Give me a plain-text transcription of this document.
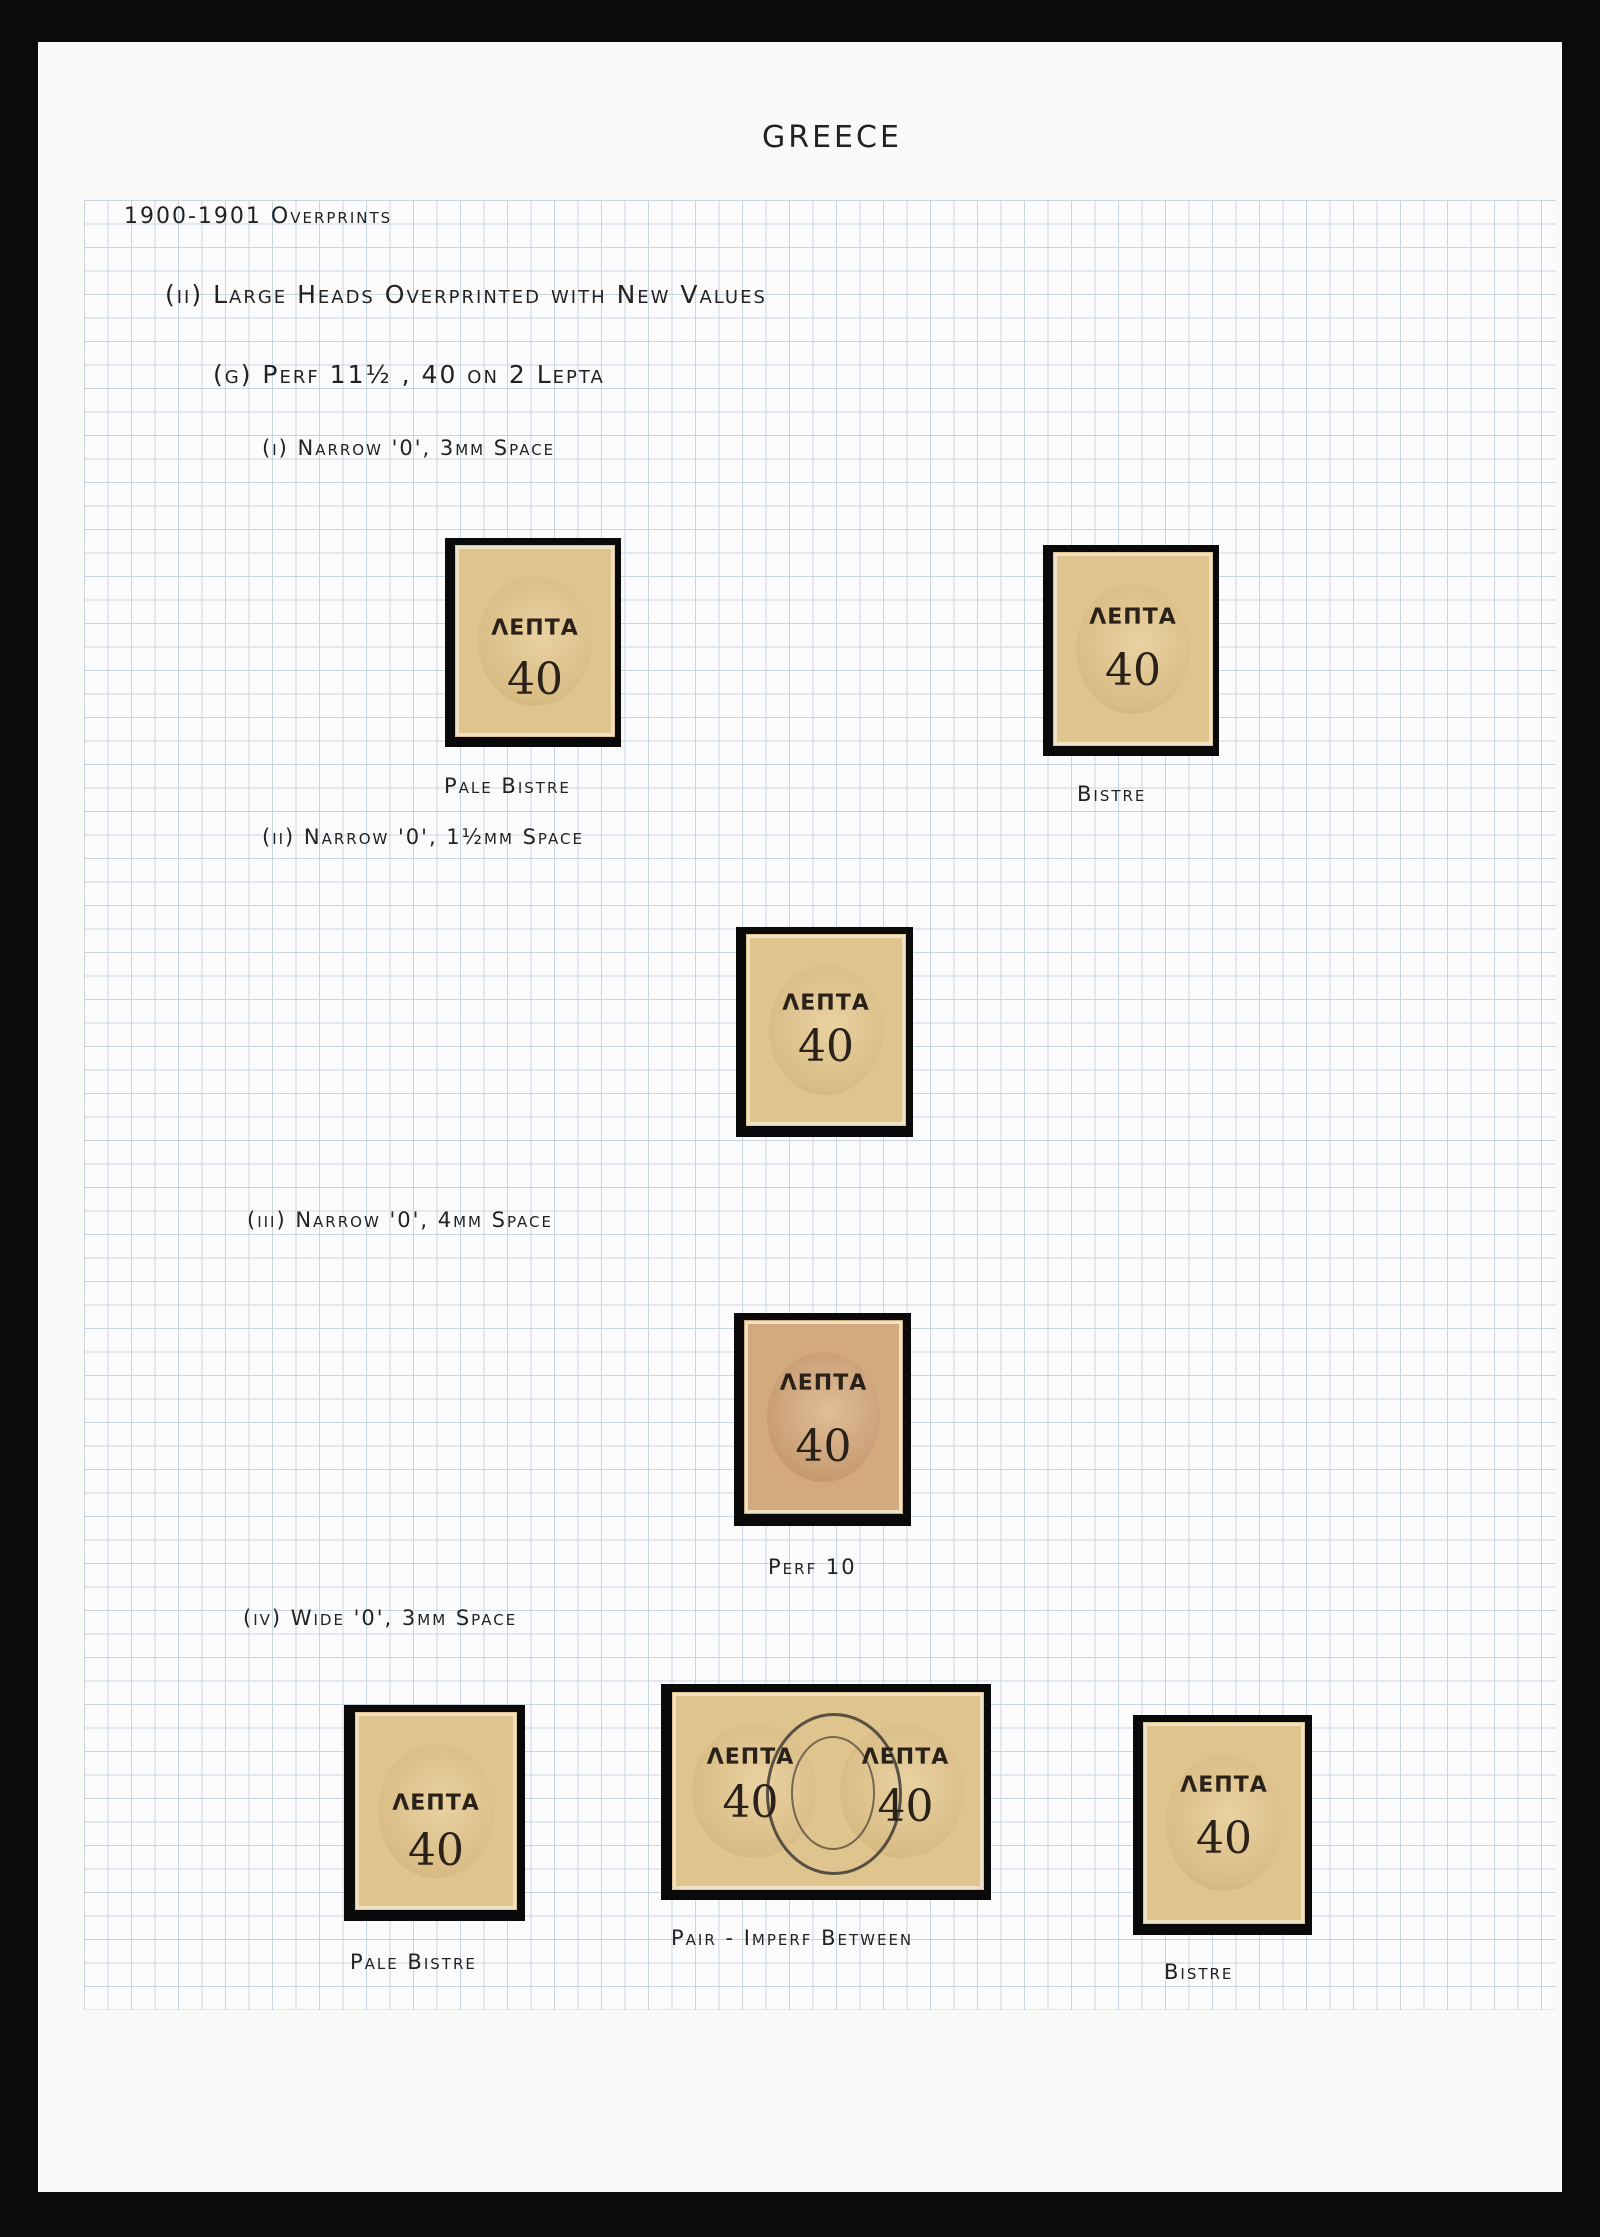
GREECE
1900-1901 Overprints
(ii) Large Heads Overprinted with New Values
(g) Perf 11½ , 40 on 2 Lepta
(i) Narrow '0', 3mm Space
(ii) Narrow '0', 1½mm Space
(iii) Narrow '0', 4mm Space
(iv) Wide '0', 3mm Space
ΛΕΠΤΑ
40
Pale Bistre
ΛΕΠΤΑ
40
Bistre
ΛΕΠΤΑ
40
ΛΕΠΤΑ
40
Perf 10
ΛΕΠΤΑ
40
Pale Bistre
ΛΕΠΤΑ
40
ΛΕΠΤΑ
40
Pair - Imperf Between
ΛΕΠΤΑ
40
Bistre
